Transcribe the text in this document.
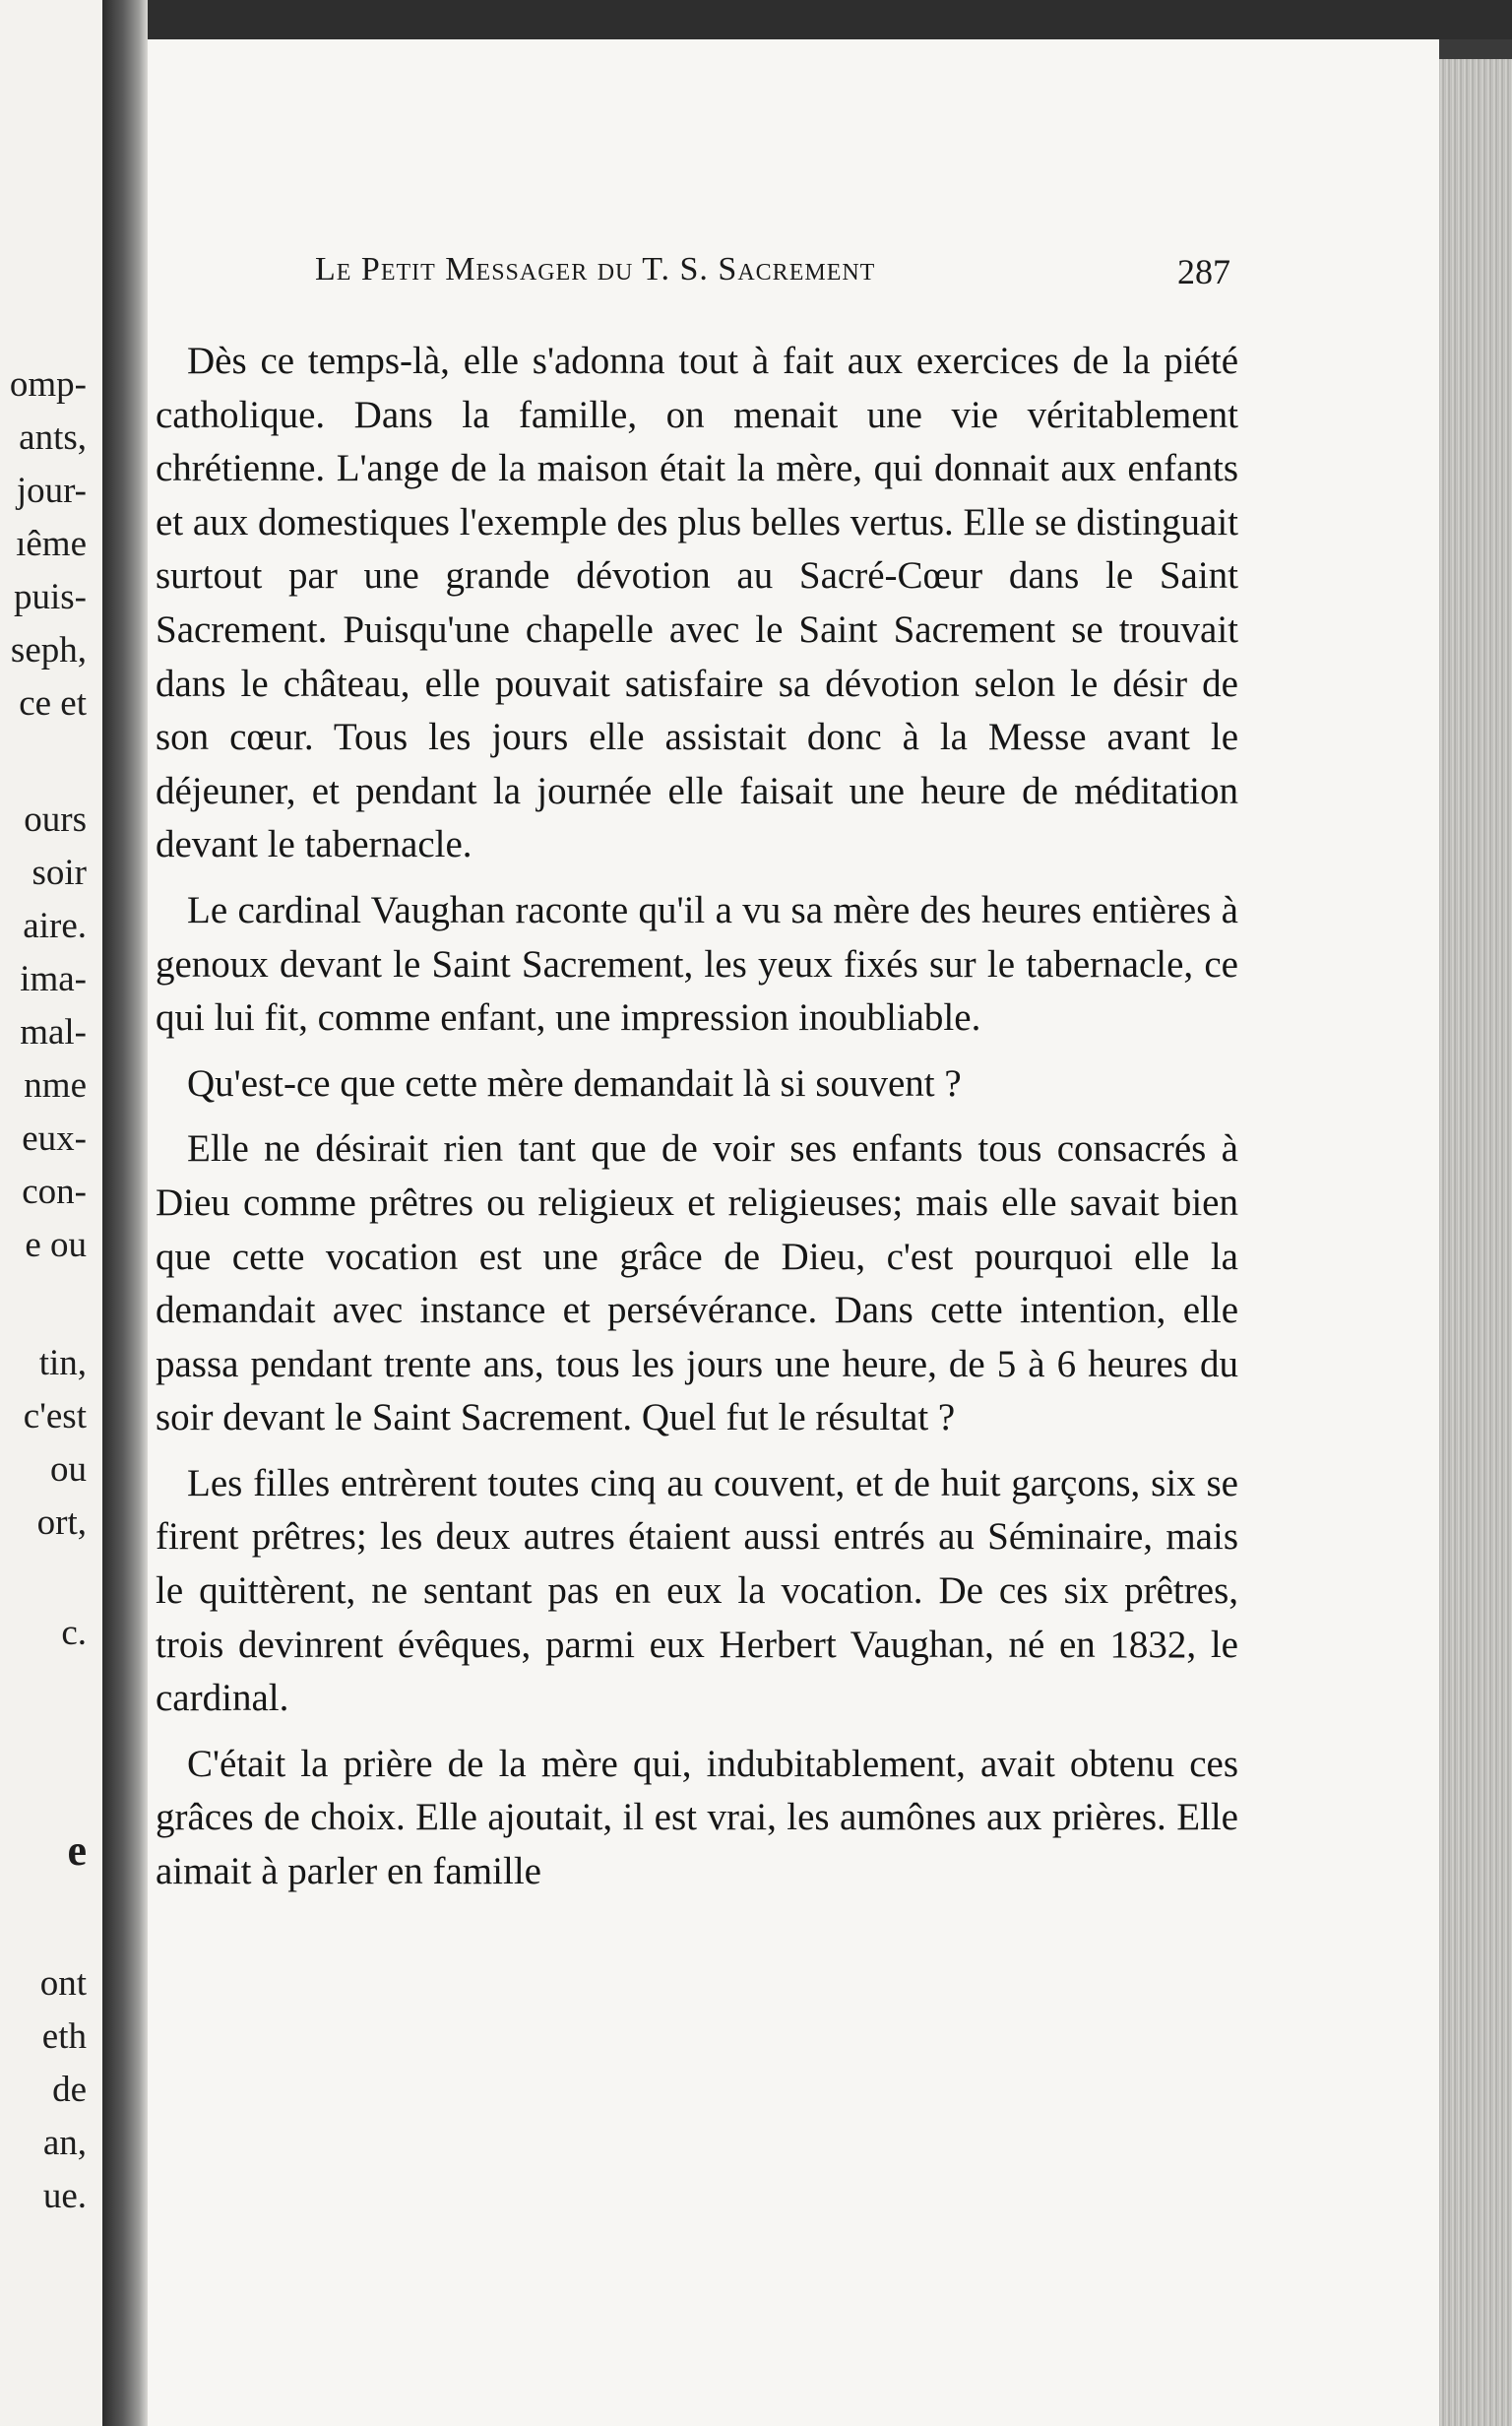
omp-
ants,
jour-
ıême
puis-
seph,
ce et
ours
soir
aire.
ima-
mal-
nme
eux-
con-
e ou
tin,
c'est
ou
ort,
c.
e
ont
eth
de
an,
ue.
Le Petit Messager du T. S. Sacrement	287

Dès ce temps-là, elle s'adonna tout à fait aux exercices de la piété catholique. Dans la famille, on menait une vie véritablement chrétienne. L'ange de la maison était la mère, qui donnait aux enfants et aux domestiques l'exemple des plus belles vertus. Elle se distinguait surtout par une grande dévotion au Sacré-Cœur dans le Saint Sacrement. Puisqu'une chapelle avec le Saint Sacrement se trouvait dans le château, elle pouvait satisfaire sa dévotion selon le désir de son cœur. Tous les jours elle assistait donc à la Messe avant le déjeuner, et pendant la journée elle faisait une heure de méditation devant le tabernacle.

Le cardinal Vaughan raconte qu'il a vu sa mère des heures entières à genoux devant le Saint Sacrement, les yeux fixés sur le tabernacle, ce qui lui fit, comme enfant, une impression inoubliable.

Qu'est-ce que cette mère demandait là si souvent ?

Elle ne désirait rien tant que de voir ses enfants tous consacrés à Dieu comme prêtres ou religieux et religieuses; mais elle savait bien que cette vocation est une grâce de Dieu, c'est pourquoi elle la demandait avec instance et persévérance. Dans cette intention, elle passa pendant trente ans, tous les jours une heure, de 5 à 6 heures du soir devant le Saint Sacrement. Quel fut le résultat ?

Les filles entrèrent toutes cinq au couvent, et de huit garçons, six se firent prêtres; les deux autres étaient aussi entrés au Séminaire, mais le quittèrent, ne sentant pas en eux la vocation. De ces six prêtres, trois devinrent évêques, parmi eux Herbert Vaughan, né en 1832, le cardinal.

C'était la prière de la mère qui, indubitablement, avait obtenu ces grâces de choix. Elle ajoutait, il est vrai, les aumônes aux prières. Elle aimait à parler en famille
